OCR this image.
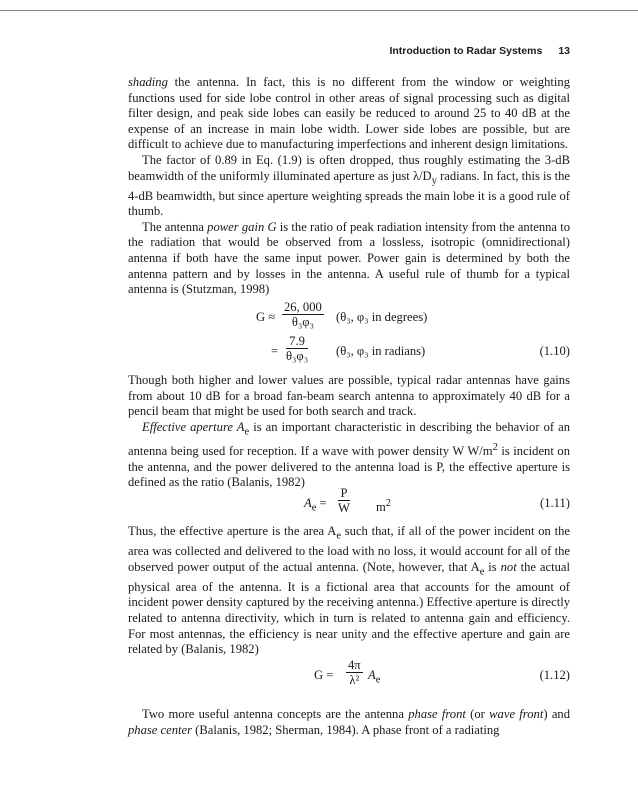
Introduction to Radar Systems 13

shading the antenna. In fact, this is no different from the window or weighting functions used for side lobe control in other areas of signal processing such as digital filter design, and peak side lobes can easily be reduced to around 25 to 40 dB at the expense of an increase in main lobe width. Lower side lobes are possible, but are difficult to achieve due to manufacturing imperfections and inherent design limitations.

The factor of 0.89 in Eq. (1.9) is often dropped, thus roughly estimating the 3-dB beamwidth of the uniformly illuminated aperture as just $\lambda/D_y$ radians. In fact, this is the 4-dB beamwidth, but since aperture weighting spreads the main lobe it is a good rule of thumb.

The antenna power gain G is the ratio of peak radiation intensity from the antenna to the radiation that would be observed from a lossless, isotropic (omnidirectional) antenna if both have the same input power. Power gain is determined by both the antenna pattern and by losses in the antenna. A useful rule of thumb for a typical antenna is (Stutzman, 1998)

$G \approx \frac{26, 000}{\text{θ₃φ₃}} (\theta_3$, φ₃ in degrees)
= $\frac{7.9}{\text{θ₃φ₃}} (\theta_3$, φ₃ in radians)	(1.10)

Though both higher and lower values are possible, typical radar antennas have gains from about 10 dB for a broad fan-beam search antenna to approximately 40 dB for a pencil beam that might be used for both search and track.

Effective aperture $A_e$ is an important characteristic in describing the behavior of an antenna being used for reception. If a wave with power density W $W/m^2$ is incident on the antenna, and the power delivered to the antenna load is P, the effective aperture is defined as the ratio (Balanis, 1982)

$A_e = \frac{P}{W} m^2$	(1.11)

Thus, the effective aperture is the area $A_e$ such that, if all of the power incident on the area was collected and delivered to the load with no loss, it would account for all of the observed power output of the actual antenna. (Note, however, that $A_e$ is not the actual physical area of the antenna. It is a fictional area that accounts for the amount of incident power density captured by the receiving antenna.) Effective aperture is directly related to antenna directivity, which in turn is related to antenna gain and efficiency. For most antennas, the efficiency is near unity and the effective aperture and gain are related by (Balanis, 1982)

$G = \frac{4\pi}{\text{λ²}} A_e$	(1.12)

Two more useful antenna concepts are the antenna phase front (or wave front) and phase center (Balanis, 1982; Sherman, 1984). A phase front of a radiating
